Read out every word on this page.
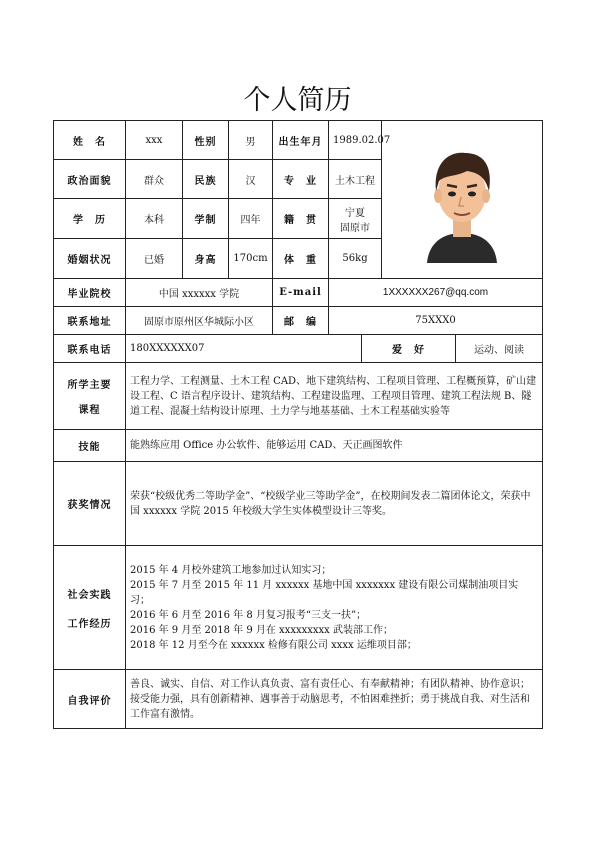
个人简历
姓　名	xxx	性别	男	出生年月	1989.02.07	
政治面貌	群众	民族	汉	专　业	土木工程			
学　历	本科	学制	四年	籍　贯	宁夏
固原市			

婚姻状况	已婚	身高	170cm	体　重	56kg			
毕业院校	中国 xxxxxx 学院			E-mail	1XXXXXX267@qq.com			
联系地址	固原市原州区华城际小区			邮　编	75XXX0			
联系电话	180XXXXXX07					爱　好		运动、阅读

所学主要
课程	工程力学、工程测量、土木工程 CAD、地下建筑结构、工程项目管理、工程概预算，矿山建设工程、C 语言程序设计、建筑结构、工程建设监理、工程项目管理、建筑工程法规 B、隧道工程、混凝土结构设计原理、土力学与地基基础、土木工程基础实验等							
技能	能熟练应用 Office 办公软件、能够运用 CAD、天正画图软件							
获奖情况	荣获“校级优秀二等助学金”、“校级学业三等助学金”，在校期间发表二篇团体论文，荣获中国 xxxxxx 学院 2015 年校级大学生实体模型设计三等奖。							

社会实践
工作经历	2015 年 4 月校外建筑工地参加过认知实习；
2015 年 7 月至 2015 年 11 月 xxxxxx 基地中国 xxxxxxx 建设有限公司煤制油项目实习；
2016 年 6 月至 2016 年 8 月复习报考“三支一扶”；
2016 年 9 月至 2018 年 9 月在 xxxxxxxxx 武装部工作；
2018 年 12 月至今在 xxxxxx 检修有限公司 xxxx 运维项目部；							

自我评价	善良、诚实、自信、对工作认真负责、富有责任心、有奉献精神；有团队精神、协作意识；接受能力强，具有创新精神、遇事善于动脑思考，不怕困难挫折；勇于挑战自我、对生活和工作富有激情。							
